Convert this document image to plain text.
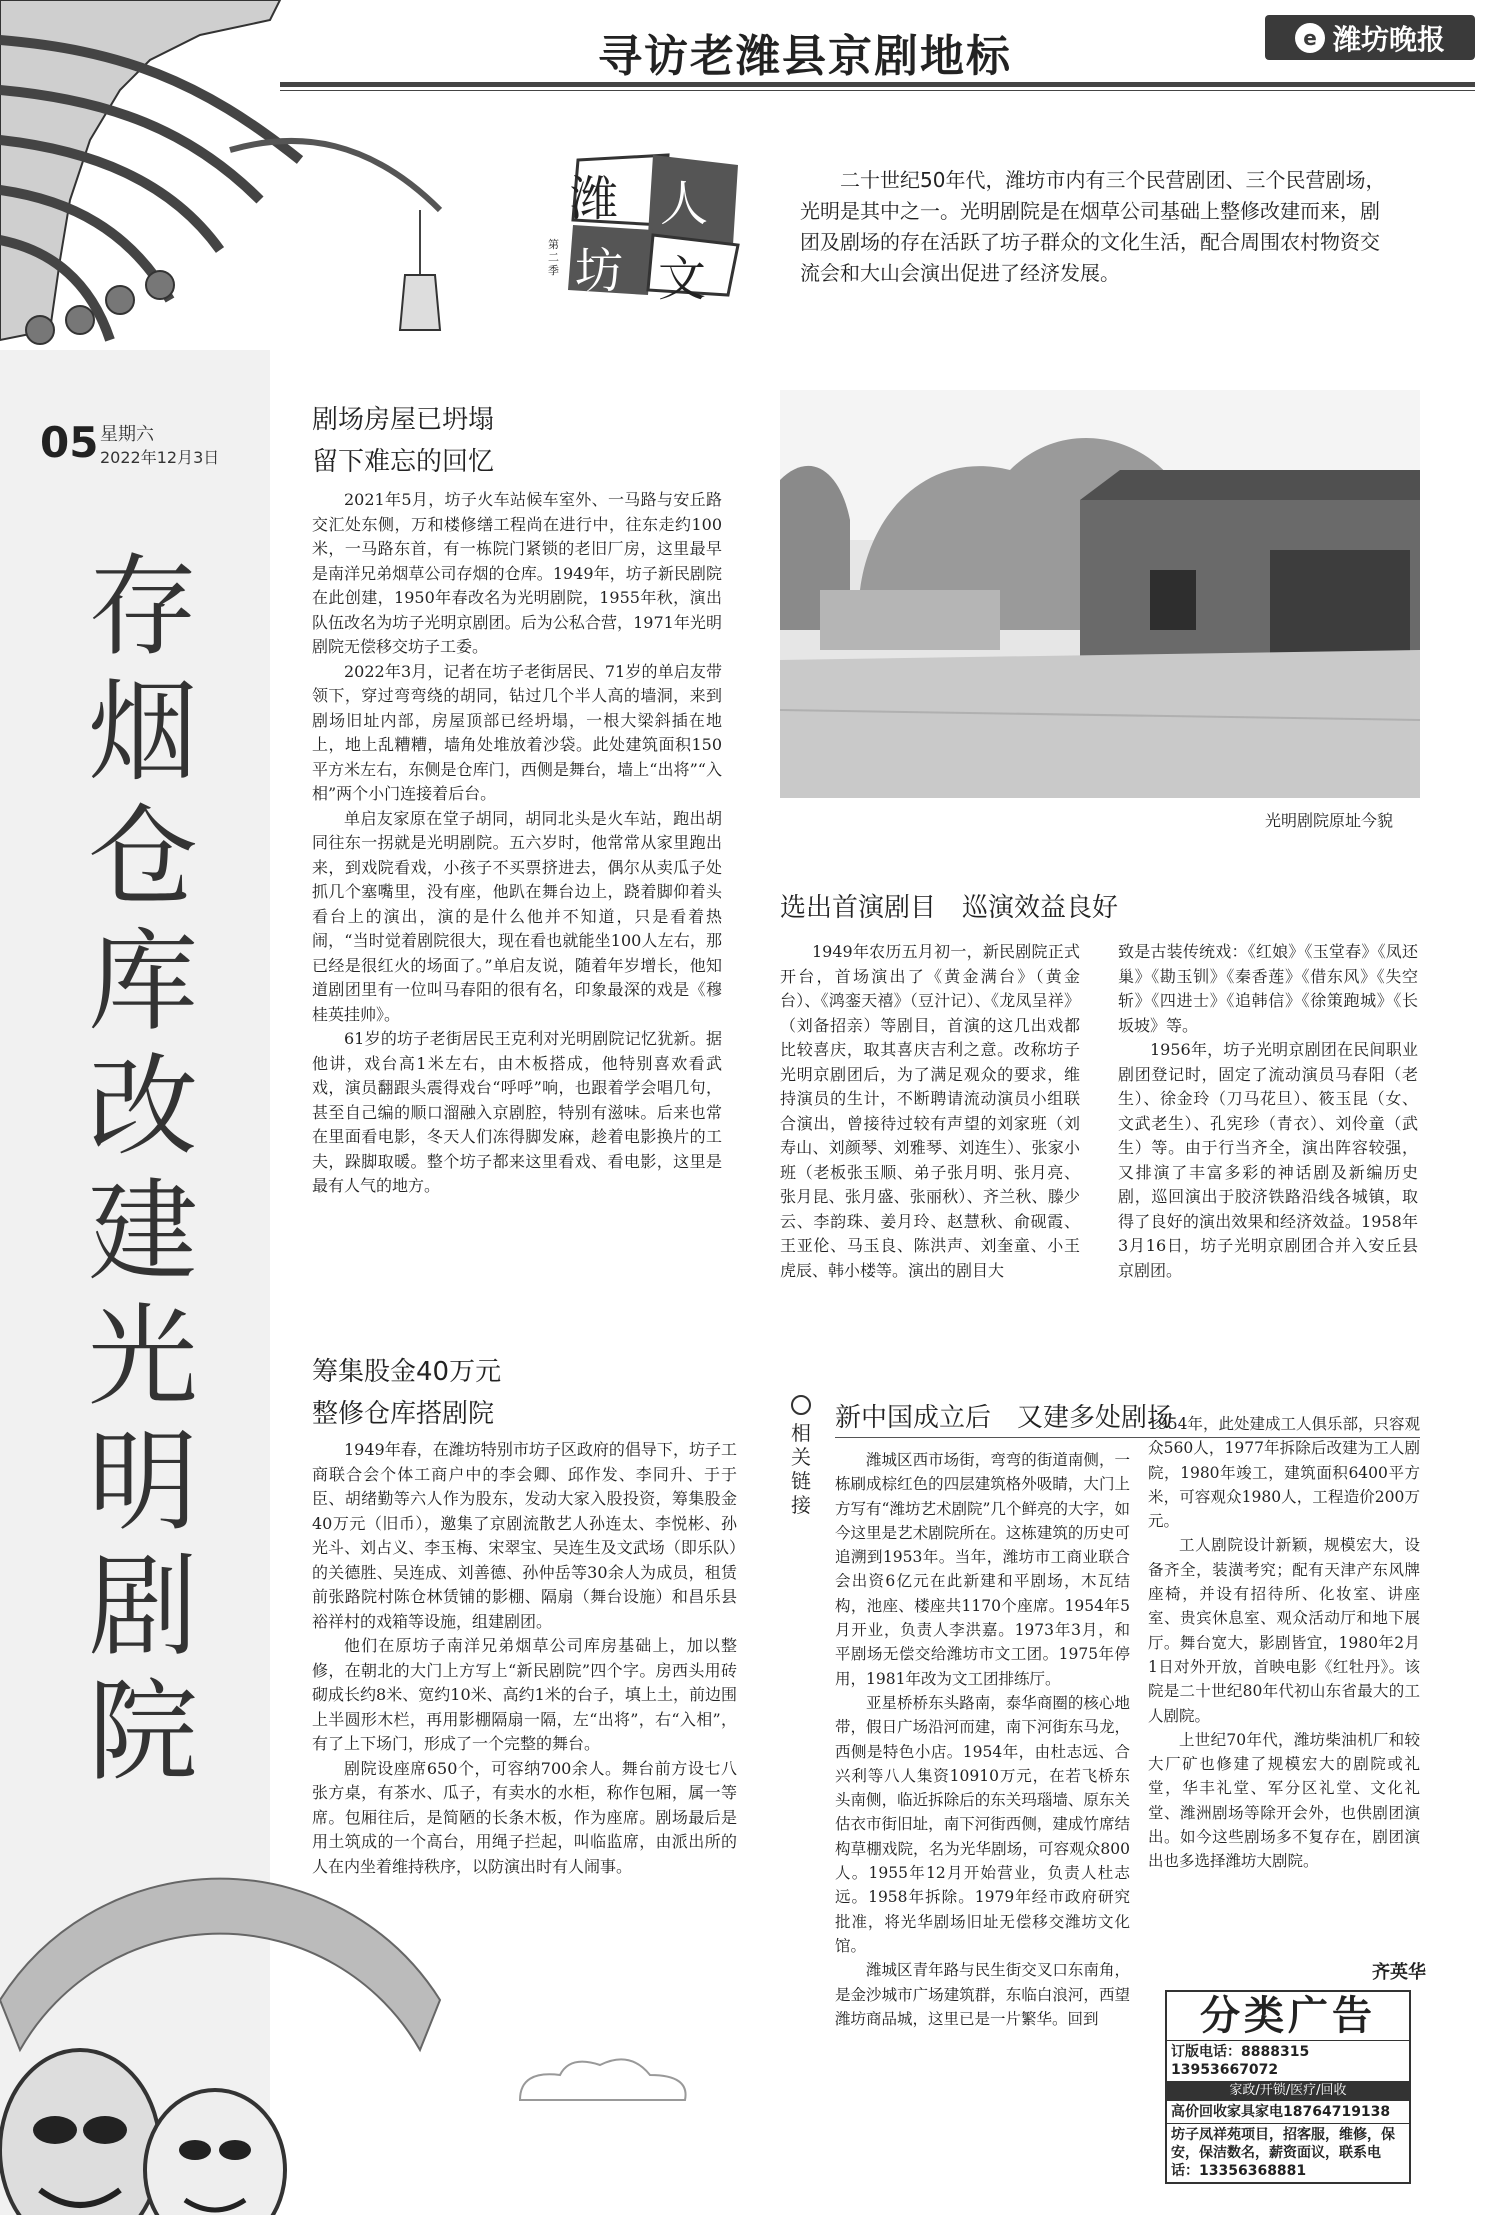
寻访老潍县京剧地标	e 潍坊晚报
05 星期六
2022年12月3日
存
烟
仓
库
改
建
光
明
剧
院
潍 人
坊 文
第二季
二十世纪50年代，潍坊市内有三个民营剧团、三个民营剧场，光明是其中之一。光明剧院是在烟草公司基础上整修改建而来，剧团及剧场的存在活跃了坊子群众的文化生活，配合周围农村物资交流会和大山会演出促进了经济发展。
剧场房屋已坍塌
留下难忘的回忆

2021年5月，坊子火车站候车室外、一马路与安丘路交汇处东侧，万和楼修缮工程尚在进行中，往东走约100米，一马路东首，有一栋院门紧锁的老旧厂房，这里最早是南洋兄弟烟草公司存烟的仓库。1949年，坊子新民剧院在此创建，1950年春改名为光明剧院，1955年秋，演出队伍改名为坊子光明京剧团。后为公私合营，1971年光明剧院无偿移交坊子工委。

2022年3月，记者在坊子老街居民、71岁的单启友带领下，穿过弯弯绕的胡同，钻过几个半人高的墙洞，来到剧场旧址内部，房屋顶部已经坍塌，一根大梁斜插在地上，地上乱糟糟，墙角处堆放着沙袋。此处建筑面积150平方米左右，东侧是仓库门，西侧是舞台，墙上“出将”“入相”两个小门连接着后台。

单启友家原在堂子胡同，胡同北头是火车站，跑出胡同往东一拐就是光明剧院。五六岁时，他常常从家里跑出来，到戏院看戏，小孩子不买票挤进去，偶尔从卖瓜子处抓几个塞嘴里，没有座，他趴在舞台边上，跷着脚仰着头看台上的演出，演的是什么他并不知道，只是看着热闹，“当时觉着剧院很大，现在看也就能坐100人左右，那已经是很红火的场面了。”单启友说，随着年岁增长，他知道剧团里有一位叫马春阳的很有名，印象最深的戏是《穆桂英挂帅》。

61岁的坊子老街居民王克利对光明剧院记忆犹新。据他讲，戏台高1米左右，由木板搭成，他特别喜欢看武戏，演员翻跟头震得戏台“呼呼”响，也跟着学会唱几句，甚至自己编的顺口溜融入京剧腔，特别有滋味。后来也常在里面看电影，冬天人们冻得脚发麻，趁着电影换片的工夫，跺脚取暖。整个坊子都来这里看戏、看电影，这里是最有人气的地方。

光明剧院原址今貌
选出首演剧目　巡演效益良好
1949年农历五月初一，新民剧院正式开台，首场演出了《黄金满台》（黄金台）、《鸿銮天禧》（豆汁记）、《龙凤呈祥》（刘备招亲）等剧目，首演的这几出戏都比较喜庆，取其喜庆吉利之意。改称坊子光明京剧团后，为了满足观众的要求，维持演员的生计，不断聘请流动演员小组联合演出，曾接待过较有声望的刘家班（刘寿山、刘颜琴、刘雅琴、刘连生）、张家小班（老板张玉顺、弟子张月明、张月亮、张月昆、张月盛、张丽秋）、齐兰秋、滕少云、李韵珠、姜月玲、赵慧秋、俞砚霞、王亚伦、马玉良、陈洪声、刘奎童、小王虎辰、韩小楼等。演出的剧目大

致是古装传统戏：《红娘》《玉堂春》《凤还巢》《勘玉钏》《秦香莲》《借东风》《失空斩》《四进士》《追韩信》《徐策跑城》《长坂坡》等。

1956年，坊子光明京剧团在民间职业剧团登记时，固定了流动演员马春阳（老生）、徐金玲（刀马花旦）、筱玉昆（女、文武老生）、孔宪珍（青衣）、刘伶童（武生）等。由于行当齐全，演出阵容较强，又排演了丰富多彩的神话剧及新编历史剧，巡回演出于胶济铁路沿线各城镇，取得了良好的演出效果和经济效益。1958年3月16日，坊子光明京剧团合并入安丘县京剧团。

筹集股金40万元
整修仓库搭剧院

1949年春，在潍坊特别市坊子区政府的倡导下，坊子工商联合会个体工商户中的李会卿、邱作发、李同升、于于臣、胡绪勤等六人作为股东，发动大家入股投资，筹集股金40万元（旧币），邀集了京剧流散艺人孙连太、李悦彬、孙光斗、刘占义、李玉梅、宋翠宝、吴连生及文武场（即乐队）的关德胜、吴连成、刘善德、孙仲岳等30余人为成员，租赁前张路院村陈仓林赁铺的影棚、隔扇（舞台设施）和昌乐县裕祥村的戏箱等设施，组建剧团。

他们在原坊子南洋兄弟烟草公司库房基础上，加以整修，在朝北的大门上方写上“新民剧院”四个字。房西头用砖砌成长约8米、宽约10米、高约1米的台子，填上土，前边围上半圆形木栏，再用影棚隔扇一隔，左“出将”，右“入相”，有了上下场门，形成了一个完整的舞台。

剧院设座席650个，可容纳700余人。舞台前方设七八张方桌，有茶水、瓜子，有卖水的水柜，称作包厢，属一等席。包厢往后，是简陋的长条木板，作为座席。剧场最后是用土筑成的一个高台，用绳子拦起，叫临监席，由派出所的人在内坐着维持秩序，以防演出时有人闹事。

相
关
链
接
新中国成立后　又建多处剧场

潍城区西市场街，弯弯的街道南侧，一栋刷成棕红色的四层建筑格外吸睛，大门上方写有“潍坊艺术剧院”几个鲜亮的大字，如今这里是艺术剧院所在。这栋建筑的历史可追溯到1953年。当年，潍坊市工商业联合会出资6亿元在此新建和平剧场，木瓦结构，池座、楼座共1170个座席。1954年5月开业，负责人李洪嘉。1973年3月，和平剧场无偿交给潍坊市文工团。1975年停用，1981年改为文工团排练厅。

亚星桥桥东头路南，泰华商圈的核心地带，假日广场沿河而建，南下河街东马龙，西侧是特色小店。1954年，由杜志远、合兴利等八人集资10910万元，在若飞桥东头南侧，临近拆除后的东关玛瑙墙、原东关估衣市街旧址，南下河街西侧，建成竹席结构草棚戏院，名为光华剧场，可容观众800人。1955年12月开始营业，负责人杜志远。1958年拆除。1979年经市政府研究批准，将光华剧场旧址无偿移交潍坊文化馆。

潍城区青年路与民生街交叉口东南角，是金沙城市广场建筑群，东临白浪河，西望潍坊商品城，这里已是一片繁华。回到

1954年，此处建成工人俱乐部，只容观众560人，1977年拆除后改建为工人剧院，1980年竣工，建筑面积6400平方米，可容观众1980人，工程造价200万元。

工人剧院设计新颖，规模宏大，设备齐全，装潢考究；配有天津产东风牌座椅，并设有招待所、化妆室、讲座室、贵宾休息室、观众活动厅和地下展厅。舞台宽大，影剧皆宜，1980年2月1日对外开放，首映电影《红牡丹》。该院是二十世纪80年代初山东省最大的工人剧院。

上世纪70年代，潍坊柴油机厂和较大厂矿也修建了规模宏大的剧院或礼堂，华丰礼堂、军分区礼堂、文化礼堂、潍洲剧场等除开会外，也供剧团演出。如今这些剧场多不复存在，剧团演出也多选择潍坊大剧院。

齐英华
分类广告
订版电话：8888315 13953667072
家政/开锁/医疗/回收
高价回收家具家电18764719138
坊子凤祥苑项目，招客服，维修，保安，保洁数名，薪资面议，联系电话：13356368881
